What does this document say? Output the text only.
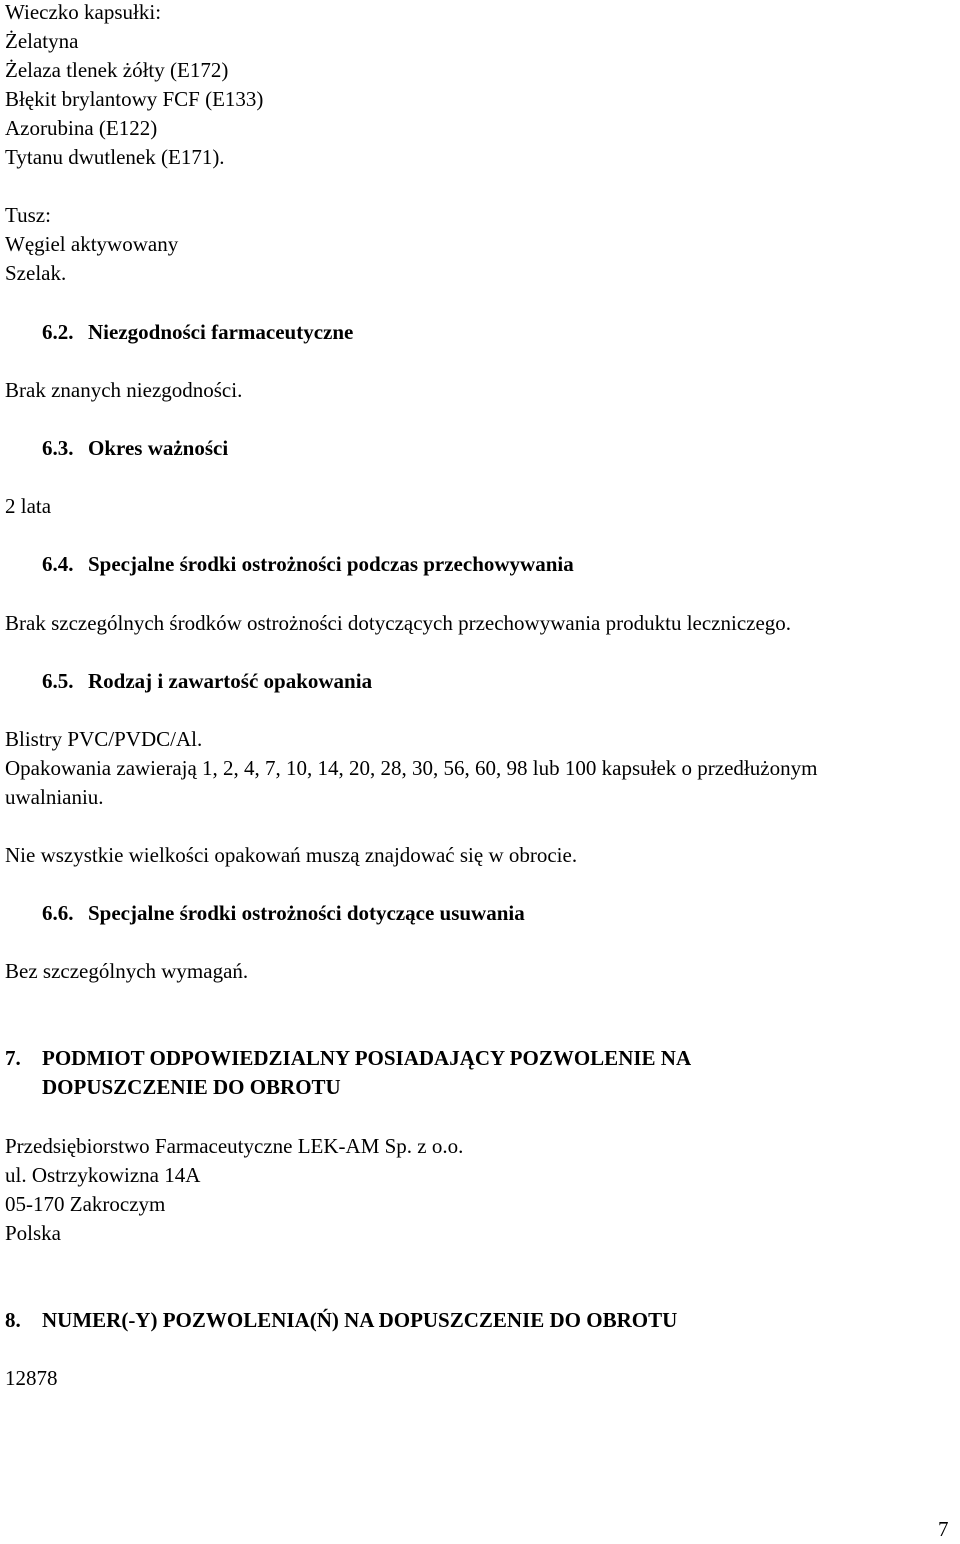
Wieczko kapsułki:
Żelatyna
Żelaza tlenek żółty (E172)
Błękit brylantowy FCF (E133)
Azorubina (E122)
Tytanu dwutlenek (E171).
Tusz:
Węgiel aktywowany
Szelak.
6.2. Niezgodności farmaceutyczne
Brak znanych niezgodności.
6.3. Okres ważności
2 lata
6.4. Specjalne środki ostrożności podczas przechowywania
Brak szczególnych środków ostrożności dotyczących przechowywania produktu leczniczego.
6.5. Rodzaj i zawartość opakowania
Blistry PVC/PVDC/Al.
Opakowania zawierają 1, 2, 4, 7, 10, 14, 20, 28, 30, 56, 60, 98 lub 100 kapsułek o przedłużonym
uwalnianiu.
Nie wszystkie wielkości opakowań muszą znajdować się w obrocie.
6.6. Specjalne środki ostrożności dotyczące usuwania
Bez szczególnych wymagań.
7. PODMIOT ODPOWIEDZIALNY POSIADAJĄCY POZWOLENIE NA
DOPUSZCZENIE DO OBROTU
Przedsiębiorstwo Farmaceutyczne LEK-AM Sp. z o.o.
ul. Ostrzykowizna 14A
05-170 Zakroczym
Polska
8. NUMER(-Y) POZWOLENIA(Ń) NA DOPUSZCZENIE DO OBROTU
12878
7
